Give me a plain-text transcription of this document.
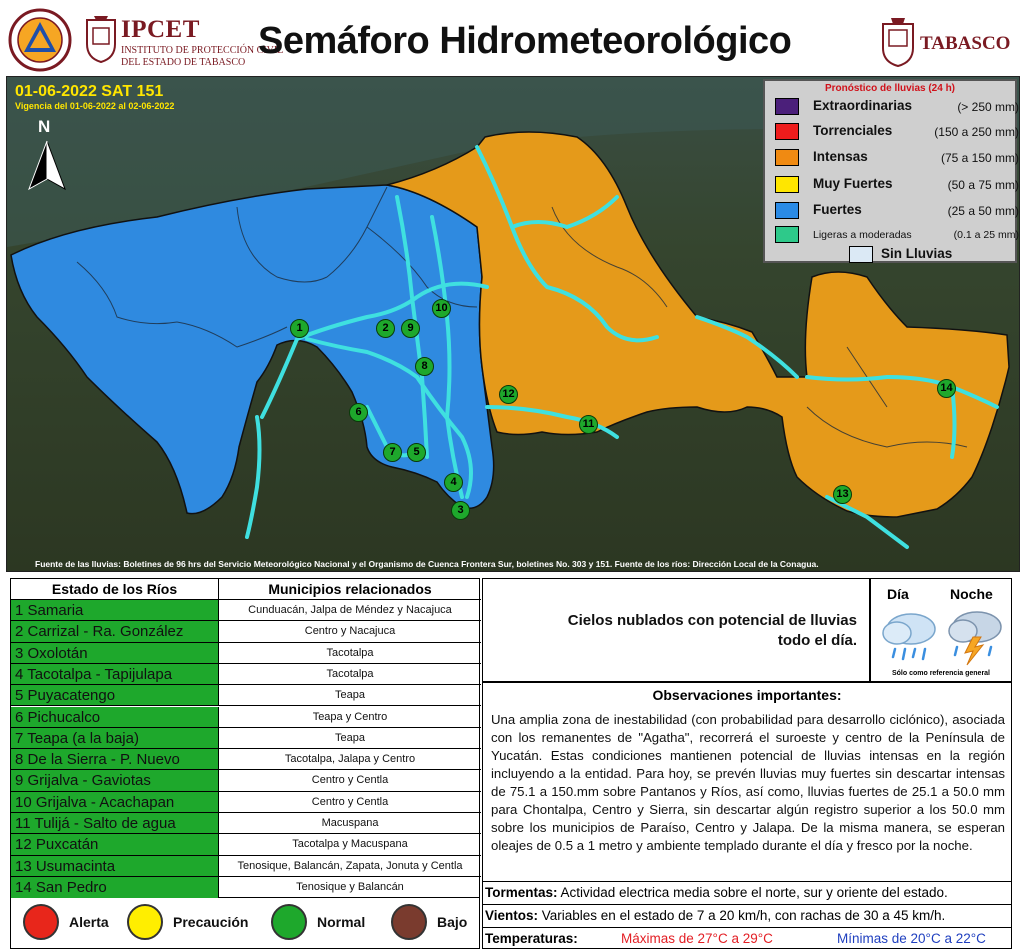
IPCET
INSTITUTO DE PROTECCIÓN CIVIL
DEL ESTADO DE TABASCO
Semáforo Hidrometeorológico	TABASCO
01-06-2022 SAT 151
Vigencia del 01-06-2022 al 02-06-2022
N
1	2
3
4
5
6
7
8
9
10
11
12
13
14
Pronóstico de lluvias (24 h)
Extraordinarias	(> 250 mm)
Torrenciales	(150 a 250 mm)
Intensas	(75 a 150 mm)
Muy Fuertes	(50 a 75 mm)
Fuertes	(25 a 50 mm)
Ligeras a moderadas	(0.1 a 25 mm)
Sin Lluvias
Fuente de las lluvias: Boletines de 96 hrs del Servicio Meteorológico Nacional y el Organismo de Cuenca Frontera Sur, boletines No. 303 y 151. Fuente de los ríos: Dirección Local de la Conagua.
Estado de los Ríos	Municipios relacionados
1 Samaria	Cunduacán, Jalpa de Méndez y Nacajuca
2 Carrizal - Ra. González	Centro y Nacajuca
3 Oxolotán	Tacotalpa
4 Tacotalpa - Tapijulapa	Tacotalpa
5 Puyacatengo	Teapa
6 Pichucalco	Teapa y Centro
7 Teapa (a la baja)	Teapa
8 De la Sierra - P. Nuevo	Tacotalpa, Jalapa y Centro
9 Grijalva - Gaviotas	Centro y Centla
10 Grijalva - Acachapan	Centro y Centla
11 Tulijá - Salto de agua	Macuspana
12 Puxcatán	Tacotalpa y Macuspana
13 Usumacinta	Tenosique, Balancán, Zapata, Jonuta y Centla
14 San Pedro	Tenosique y Balancán
Alerta	Precaución	Normal	Bajo
Cielos nublados con potencial de lluvias
todo el día.
Día	Noche
Sólo como referencia general
Observaciones importantes:
Una amplia zona de inestabilidad (con probabilidad para desarrollo ciclónico), asociada con los remanentes de "Agatha", recorrerá el suroeste y centro de la Península de Yucatán. Estas condiciones mantienen potencial de lluvias intensas en la región incluyendo a la entidad. Para hoy, se prevén lluvias muy fuertes sin descartar intensas de 75.1 a 150.mm sobre Pantanos y Ríos, así como, lluvias fuertes de 25.1 a 50.0 mm para Chontalpa, Centro y Sierra, sin descartar algún registro superior a los 50.0 mm sobre los municipios de Paraíso, Centro y Jalapa. De la misma manera, se esperan oleajes de 0.5 a 1 metro y ambiente templado durante el día y fresco por la noche.
Tormentas: Actividad electrica media sobre el norte, sur y oriente del estado.
Vientos: Variables en el estado de 7 a 20 km/h, con rachas de 30 a 45 km/h.
Temperaturas:	Máximas de 27°C a 29°C	Mínimas de 20°C a 22°C
